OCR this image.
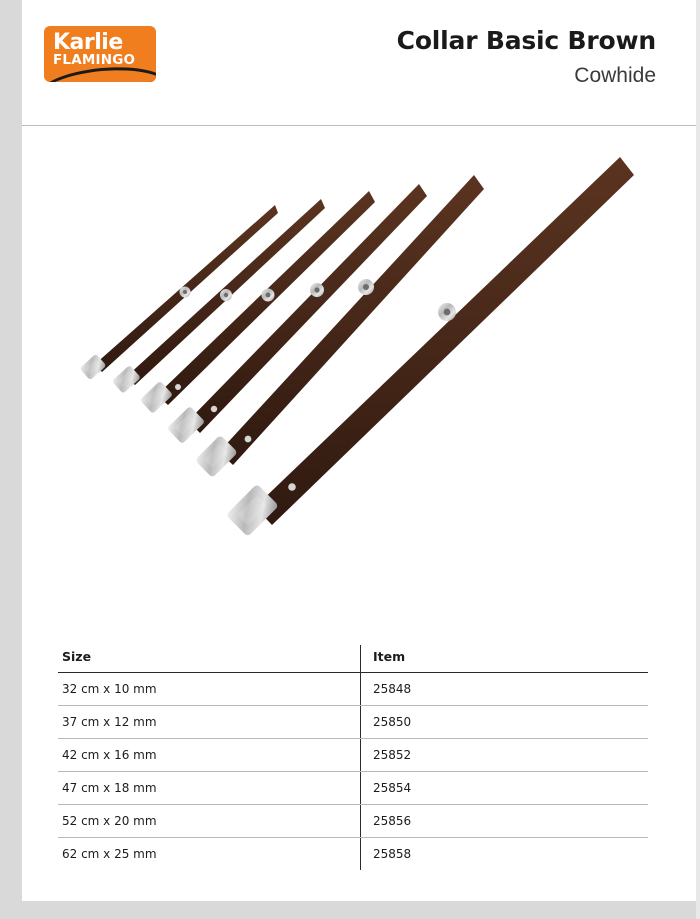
Karlie
FLAMINGO
Collar Basic Brown
Cowhide
Size	Item
32 cm x 10 mm	25848
37 cm x 12 mm	25850
42 cm x 16 mm	25852
47 cm x 18 mm	25854
52 cm x 20 mm	25856
62 cm x 25 mm	25858
